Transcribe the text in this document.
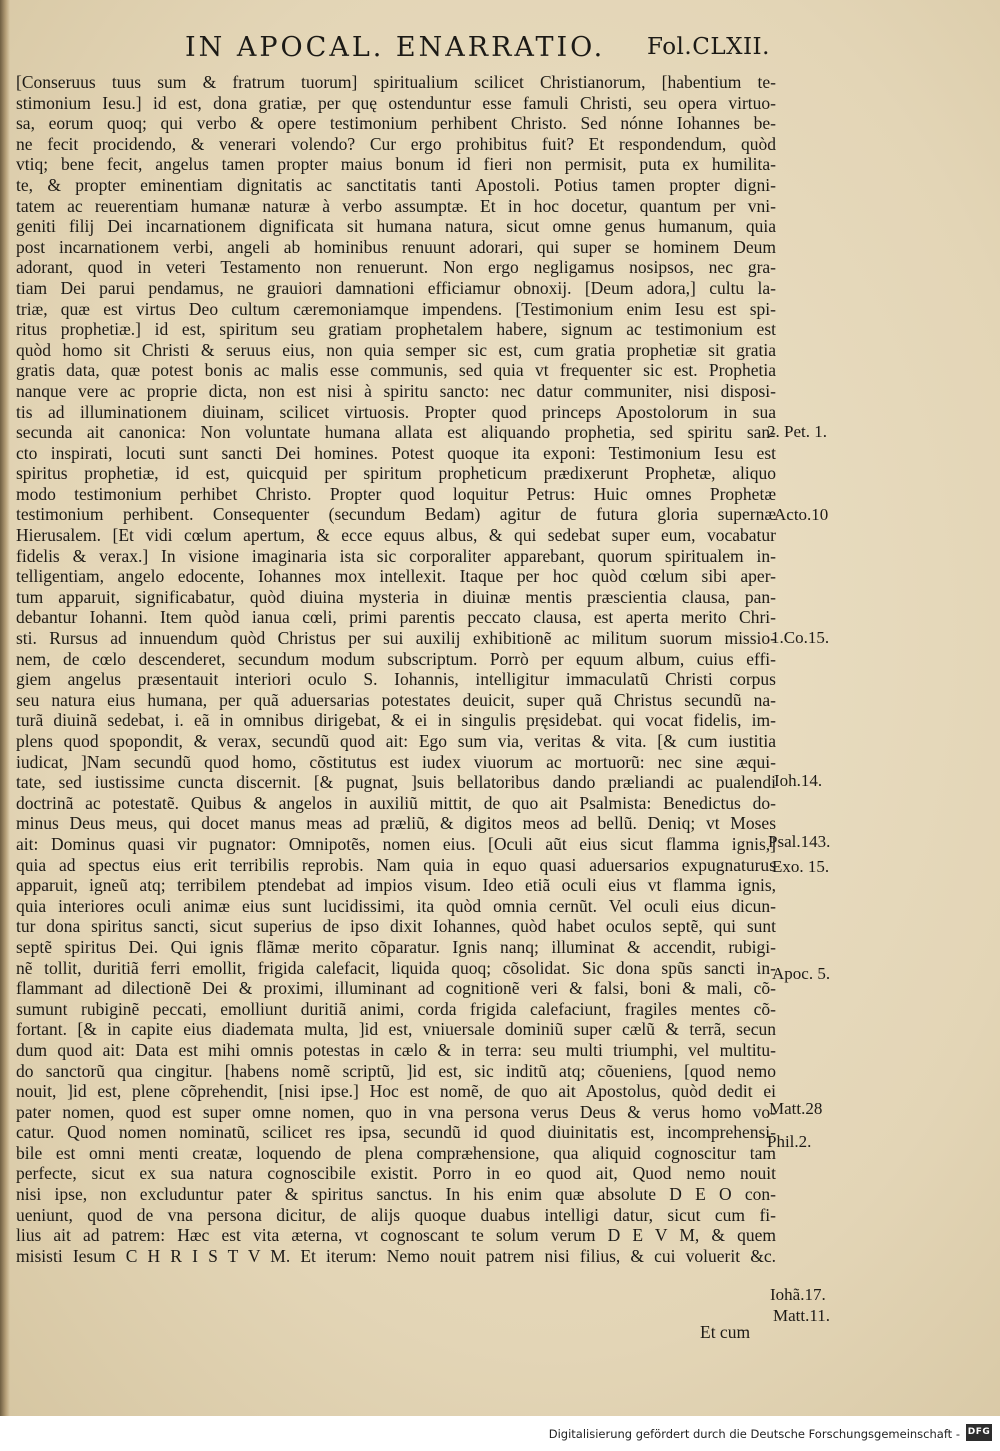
IN APOCAL. ENARRATIO. Fol.CLXII.
[Conseruus tuus sum & fratrum tuorum] spiritualium scilicet Christianorum, [habentium te-
stimonium Iesu.] id est, dona gratiæ, per quę ostenduntur esse famuli Christi, seu opera virtuo-
sa, eorum quoq; qui verbo & opere testimonium perhibent Christo. Sed nónne Iohannes be-
ne fecit procidendo, & venerari volendo? Cur ergo prohibitus fuit? Et respondendum, quòd
vtiq; bene fecit, angelus tamen propter maius bonum id fieri non permisit, puta ex humilita-
te, & propter eminentiam dignitatis ac sanctitatis tanti Apostoli. Potius tamen propter digni-
tatem ac reuerentiam humanæ naturæ à verbo assumptæ. Et in hoc docetur, quantum per vni-
geniti filij Dei incarnationem dignificata sit humana natura, sicut omne genus humanum, quia
post incarnationem verbi, angeli ab hominibus renuunt adorari, qui super se hominem Deum
adorant, quod in veteri Testamento non renuerunt. Non ergo negligamus nosipsos, nec gra-
tiam Dei parui pendamus, ne grauiori damnationi efficiamur obnoxij. [Deum adora,] cultu la-
triæ, quæ est virtus Deo cultum cæremoniamque impendens. [Testimonium enim Iesu est spi-
ritus prophetiæ.] id est, spiritum seu gratiam prophetalem habere, signum ac testimonium est
quòd homo sit Christi & seruus eius, non quia semper sic est, cum gratia prophetiæ sit gratia
gratis data, quæ potest bonis ac malis esse communis, sed quia vt frequenter sic est. Prophetia
nanque vere ac proprie dicta, non est nisi à spiritu sancto: nec datur communiter, nisi disposi-
tis ad illuminationem diuinam, scilicet virtuosis. Propter quod princeps Apostolorum in sua
secunda ait canonica: Non voluntate humana allata est aliquando prophetia, sed spiritu san-
cto inspirati, locuti sunt sancti Dei homines. Potest quoque ita exponi: Testimonium Iesu est
spiritus prophetiæ, id est, quicquid per spiritum propheticum prædixerunt Prophetæ, aliquo
modo testimonium perhibet Christo. Propter quod loquitur Petrus: Huic omnes Prophetæ
testimonium perhibent. Consequenter (secundum Bedam) agitur de futura gloria supernæ
Hierusalem. [Et vidi cœlum apertum, & ecce equus albus, & qui sedebat super eum, vocabatur
fidelis & verax.] In visione imaginaria ista sic corporaliter apparebant, quorum spiritualem in-
telligentiam, angelo edocente, Iohannes mox intellexit. Itaque per hoc quòd cœlum sibi aper-
tum apparuit, significabatur, quòd diuina mysteria in diuinæ mentis præscientia clausa, pan-
debantur Iohanni. Item quòd ianua cœli, primi parentis peccato clausa, est aperta merito Chri-
sti. Rursus ad innuendum quòd Christus per sui auxilij exhibitionẽ ac militum suorum missio-
nem, de cœlo descenderet, secundum modum subscriptum. Porrò per equum album, cuius effi-
giem angelus præsentauit interiori oculo S. Iohannis, intelligitur immaculatũ Christi corpus
seu natura eius humana, per quã aduersarias potestates deuicit, super quã Christus secundũ na-
turã diuinã sedebat, i. eã in omnibus dirigebat, & ei in singulis pręsidebat. qui vocat fidelis, im-
plens quod spopondit, & verax, secundũ quod ait: Ego sum via, veritas & vita. [& cum iustitia
iudicat, ]Nam secundũ quod homo, cõstitutus est iudex viuorum ac mortuorũ: nec sine æqui-
tate, sed iustissime cuncta discernit. [& pugnat, ]suis bellatoribus dando præliandi ac pualendi
doctrinã ac potestatẽ. Quibus & angelos in auxiliũ mittit, de quo ait Psalmista: Benedictus do-
minus Deus meus, qui docet manus meas ad præliũ, & digitos meos ad bellũ. Deniq; vt Moses
ait: Dominus quasi vir pugnator: Omnipotẽs, nomen eius. [Oculi aũt eius sicut flamma ignis,]
quia ad spectus eius erit terribilis reprobis. Nam quia in equo quasi aduersarios expugnaturus
apparuit, igneũ atq; terribilem ptendebat ad impios visum. Ideo etiã oculi eius vt flamma ignis,
quia interiores oculi animæ eius sunt lucidissimi, ita quòd omnia cernũt. Vel oculi eius dicun-
tur dona spiritus sancti, sicut superius de ipso dixit Iohannes, quòd habet oculos septẽ, qui sunt
septẽ spiritus Dei. Qui ignis flãmæ merito cõparatur. Ignis nanq; illuminat & accendit, rubigi-
nẽ tollit, duritiã ferri emollit, frigida calefacit, liquida quoq; cõsolidat. Sic dona spũs sancti in-
flammant ad dilectionẽ Dei & proximi, illuminant ad cognitionẽ veri & falsi, boni & mali, cõ-
sumunt rubiginẽ peccati, emolliunt duritiã animi, corda frigida calefaciunt, fragiles mentes cõ-
fortant. [& in capite eius diademata multa, ]id est, vniuersale dominiũ super cælũ & terrã, secun
dum quod ait: Data est mihi omnis potestas in cælo & in terra: seu multi triumphi, vel multitu-
do sanctorũ qua cingitur. [habens nomẽ scriptũ, ]id est, sic inditũ atq; cõueniens, [quod nemo
nouit, ]id est, plene cõprehendit, [nisi ipse.] Hoc est nomẽ, de quo ait Apostolus, quòd dedit ei
pater nomen, quod est super omne nomen, quo in vna persona verus Deus & verus homo vo-
catur. Quod nomen nominatũ, scilicet res ipsa, secundũ id quod diuinitatis est, incomprehensi-
bile est omni menti creatæ, loquendo de plena compræhensione, qua aliquid cognoscitur tam
perfecte, sicut ex sua natura cognoscibile existit. Porro in eo quod ait, Quod nemo nouit
nisi ipse, non excluduntur pater & spiritus sanctus. In his enim quæ absolute D E O con-
ueniunt, quod de vna persona dicitur, de alijs quoque duabus intelligi datur, sicut cum fi-
lius ait ad patrem: Hæc est vita æterna, vt cognoscant te solum verum D E V M, & quem
misisti Iesum C H R I S T V M. Et iterum: Nemo nouit patrem nisi filius, & cui voluerit &c.
2. Pet. 1.
Acto.10
1.Co.15.
Ioh.14.
Psal.143.
Exo. 15.
Apoc. 5.
Matt.28
Phil.2.
Iohã.17.
Matt.11.
Et cum
Digitalisierung gefördert durch die Deutsche Forschungsgemeinschaft - DFG
